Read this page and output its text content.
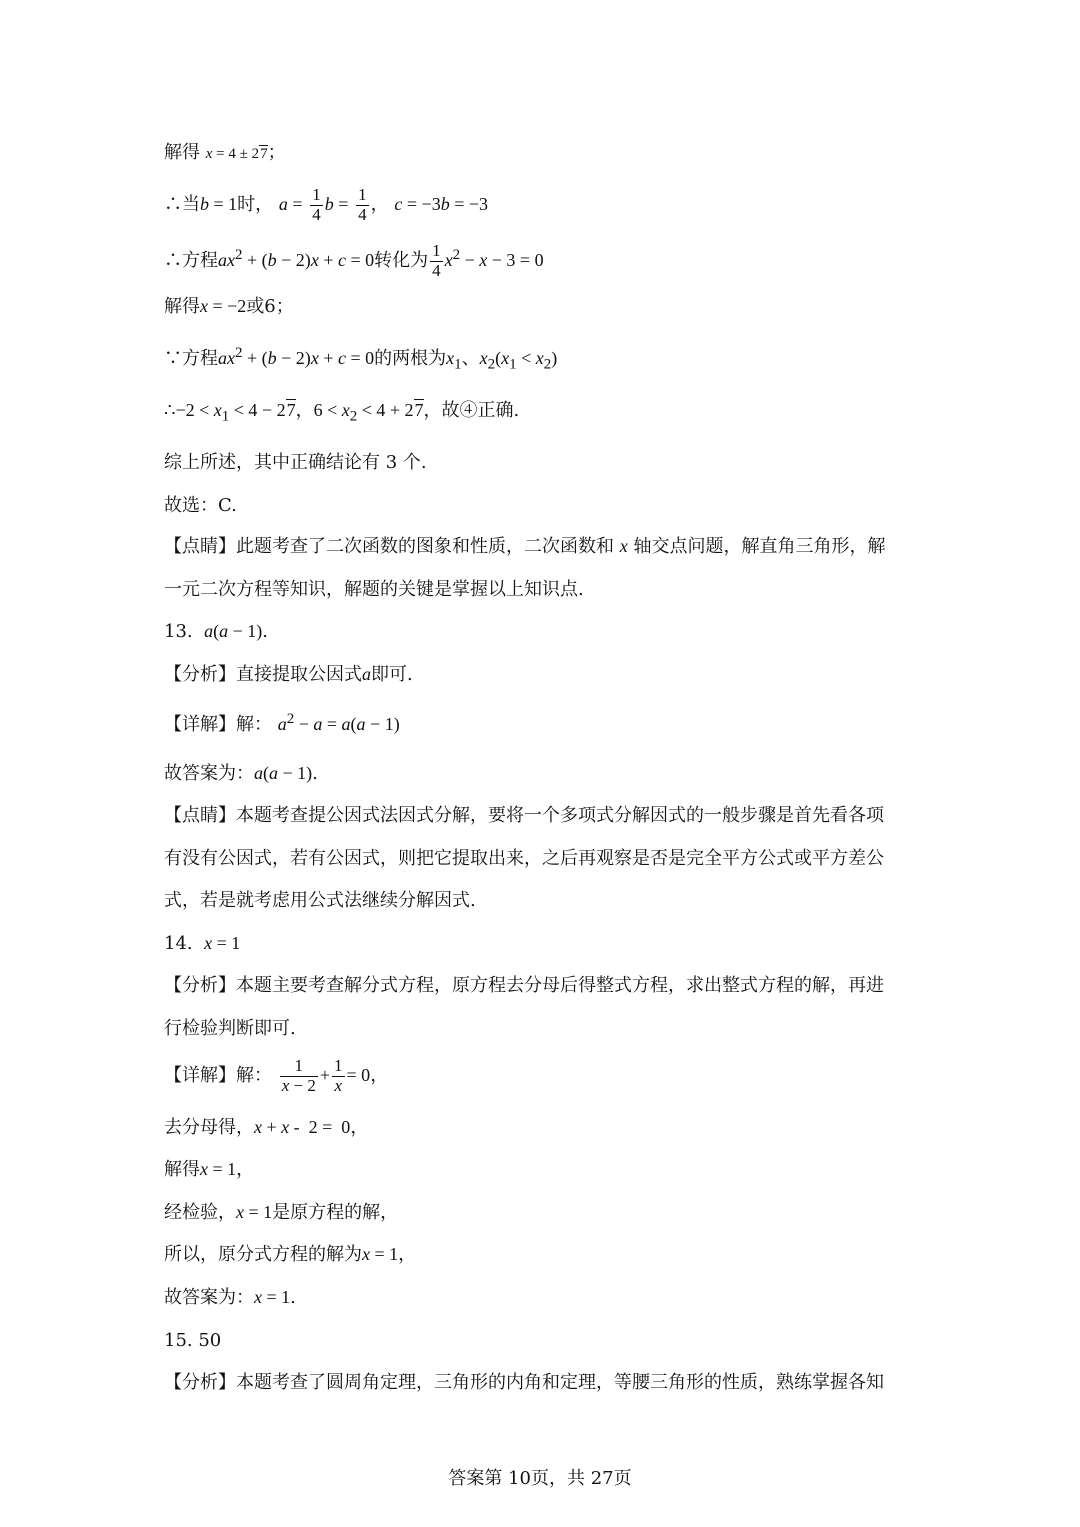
解得 x = 4 ± 27；
∴当b = 1时， $a = \frac{1}{4}$ $b = \frac{1}{4}$ ， c = −3b = −3
∴方程$ax^2 + (b - 2)x + c = 0$转化为 $\frac{1}{4} x^2 - x - 3 = 0$
解得x = −2或6；
∵方程$ax^2 + (b - 2)x + c = 0$的两根为$x_1$、$x_2(x_1 < x_2)$
∴−2 < $x_1 < 4 - 27$，$6 < x_2 < 4 + 27$，故④正确.
综上所述，其中正确结论有 3 个.
故选：C.
【点睛】此题考查了二次函数的图象和性质，二次函数和 x 轴交点问题，解直角三角形，解
一元二次方程等知识，解题的关键是掌握以上知识点.
13. a(a − 1).
【分析】直接提取公因式a即可.
【详解】解： $a^2 - a = a(a - 1)$
故答案为：a(a − 1).
【点睛】本题考查提公因式法因式分解，要将一个多项式分解因式的一般步骤是首先看各项
有没有公因式，若有公因式，则把它提取出来，之后再观察是否是完全平方公式或平方差公
式，若是就考虑用公式法继续分解因式.
14. x = 1
【分析】本题主要考查解分式方程，原方程去分母后得整式方程，求出整式方程的解，再进
行检验判断即可.
【详解】解： $\frac{1}{x - 2} + \frac{1}{x} = 0$，
去分母得，x + x -  2 =  0，
解得x = 1，
经检验，x = 1是原方程的解，
所以，原分式方程的解为x = 1，
故答案为：x = 1.
15. 50
【分析】本题考查了圆周角定理，三角形的内角和定理，等腰三角形的性质，熟练掌握各知
答案第 10页，共 27页
